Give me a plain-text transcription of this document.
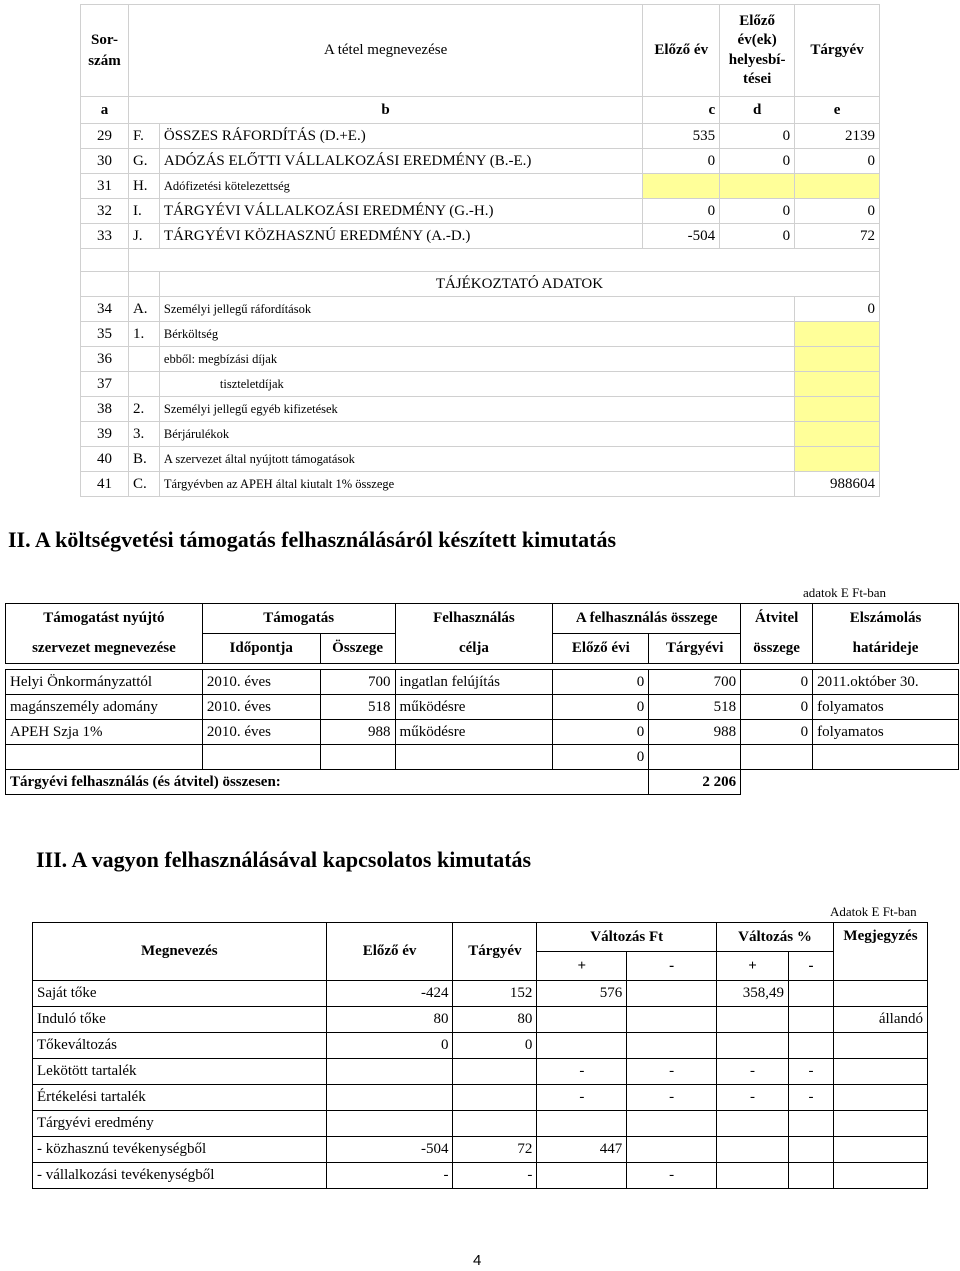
Sor-
szám	A tétel megnevezése		Előző év	Előző
év(ek)
helyesbí-
tései	Tárgyév
a	b		c	d	e
29	F.	ÖSSZES RÁFORDÍTÁS (D.+E.)	535	0	2139
30	G.	ADÓZÁS ELŐTTI VÁLLALKOZÁSI EREDMÉNY (B.-E.)	0	0	0
31	H.	Adófizetési kötelezettség			
32	I.	TÁRGYÉVI VÁLLALKOZÁSI EREDMÉNY (G.-H.)	0	0	0
33	J.	TÁRGYÉVI KÖZHASZNÚ EREDMÉNY (A.-D.)	-504	0	72

		TÁJÉKOZTATÓ ADATOK			
34	A.	Személyi jellegű ráfordítások			0
35	1.	Bérköltség			
36		ebből: megbízási díjak			
37		tiszteletdíjak			
38	2.	Személyi jellegű egyéb kifizetések			
39	3.	Bérjárulékok			
40	B.	A szervezet által nyújtott támogatások			
41	C.	Tárgyévben az APEH által kiutalt 1% összege			988604
II. A költségvetési támogatás felhasználásáról készített kimutatás
adatok E Ft-ban
Támogatást nyújtó	Támogatás		Felhasználás	A felhasználás összege		Átvitel	Elszámolás
szervezet megnevezése	Időpontja	Összege	célja	Előző évi	Tárgyévi	összege	határideje

Helyi Önkormányzattól	2010. éves	700	ingatlan felújítás	0	700	0	2011.október 30.
magánszemély adomány	2010. éves	518	működésre	0	518	0	folyamatos
APEH Szja 1%	2010. éves	988	működésre	0	988	0	folyamatos
				0			
Tárgyévi felhasználás (és átvitel) összesen:					2 206		
III. A vagyon felhasználásával kapcsolatos kimutatás
Adatok E Ft-ban
Megnevezés	Előző év	Tárgyév	Változás Ft		Változás %		Megjegyzés
			+	-	+	-	
Saját tőke	-424	152	576		358,49		
Induló tőke	80	80					állandó
Tőkeváltozás	0	0					
Lekötött tartalék			-	-	-	-	
Értékelési tartalék			-	-	-	-	
Tárgyévi eredmény							
- közhasznú tevékenységből	-504	72	447				
- vállalkozási tevékenységből	-	-		-			
4
